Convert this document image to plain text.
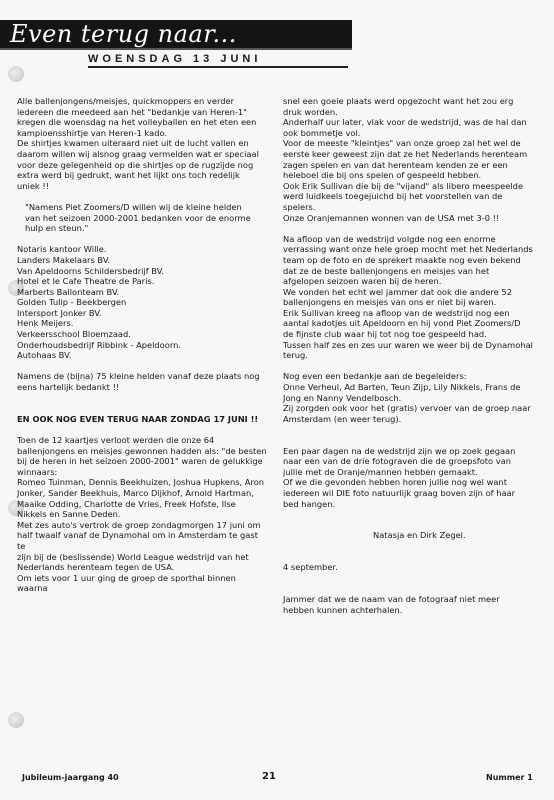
Even terug naar...
WOENSDAG 13 JUNI

Alle ballenjongens/meisjes, quickmoppers en verder

iedereen die meedeed aan het "bedankje van Heren-1"

kregen die woensdag na het volleyballen en het eten een

kampioensshirtje van Heren-1 kado.

De shirtjes kwamen uiteraard niet uit de lucht vallen en

daarom willen wij alsnog graag vermelden wat er speciaal

voor deze gelegenheid op die shirtjes op de rugzijde nog

extra werd bij gedrukt, want het lijkt ons toch redelijk

uniek !!

"Namens Piet Zoomers/D willen wij de kleine helden

van het seizoen 2000-2001 bedanken voor de enorme

hulp en steun."

Notaris kantoor Wille.

Landers Makelaars BV.

Van Apeldoorns Schildersbedrijf BV.

Hotel et le Cafe Theatre de Paris.

Marberts Ballonteam BV.

Golden Tulip - Beekbergen

Intersport Jonker BV.

Henk Meijers.

Verkeersschool Bloemzaad.

Onderhoudsbedrijf Ribbink - Apeldoorn.

Autohaas BV.

Namens de (bijna) 75 kleine helden vanaf deze plaats nog

eens hartelijk bedankt !!

EN OOK NOG EVEN TERUG NAAR ZONDAG 17 JUNI !!

Toen de 12 kaartjes verloot werden die onze 64

ballenjongens en meisjes gewonnen hadden als: "de besten

bij de heren in het seizoen 2000-2001" waren de gelukkige

winnaars:

Romeo Tuinman, Dennis Beekhuizen, Joshua Hupkens, Aron

Jonker, Sander Beekhuis, Marco Dijkhof, Arnold Hartman,

Maaike Odding, Charlotte de Vries, Freek Hofste, Ilse

Nikkels en Sanne Deden.

Met zes auto's vertrok de groep zondagmorgen 17 juni om

half twaalf vanaf de Dynamohal om in Amsterdam te gast te

zijn bij de (beslissende) World League wedstrijd van het

Nederlands herenteam tegen de USA.

Om iets voor 1 uur ging de groep de sporthal binnen waarna

snel een goeie plaats werd opgezocht want het zou erg

druk worden.

Anderhalf uur later, vlak voor de wedstrijd, was de hal dan

ook bommetje vol.

Voor de meeste "kleintjes" van onze groep zal het wel de

eerste keer geweest zijn dat ze het Nederlands herenteam

zagen spelen en van dat herenteam kenden ze er een

heleboel die bij ons spelen of gespeeld hebben.

Ook Erik Sullivan die bij de "vijand" als libero meespeelde

werd luidkeels toegejuichd bij het voorstellen van de

spelers.

Onze Oranjemannen wonnen van de USA met 3-0 !!

Na afloop van de wedstrijd volgde nog een enorme

verrassing want onze hele groep mocht met het Nederlands

team op de foto en de sprekert maakte nog even bekend

dat ze de beste ballenjongens en meisjes van het

afgelopen seizoen waren bij de heren.

We vonden het echt wel jammer dat ook die andere 52

ballenjongens en meisjes van ons er niet bij waren.

Erik Sullivan kreeg na afloop van de wedstrijd nog een

aantal kadotjes uit Apeldoorn en hij vond Piet Zoomers/D

de fijnste club waar hij tot nog toe gespeeld had.

Tussen half zes en zes uur waren we weer bij de Dynamohal

terug.

Nog even een bedankje aan de begeleiders:

Onne Verheul, Ad Barten, Teun Zijp, Lily Nikkels, Frans de

Jong en Nanny Vendelbosch.

Zij zorgden ook voor het (gratis) vervoer van de groep naar

Amsterdam (en weer terug).

Een paar dagen na de wedstrijd zijn we op zoek gegaan

naar een van de drie fotograven die de groepsfoto van

jullie met de Oranje/mannen hebben gemaakt.

Of we die gevonden hebben horen jullie nog wel want

iedereen wil DIE foto natuurlijk graag boven zijn of haar

bed hangen.

Natasja en Dirk Zegel.

4 september.

Jammer dat we de naam van de fotograaf niet meer

hebben kunnen achterhalen.

Jubileum-jaargang 40	21	Nummer 1
